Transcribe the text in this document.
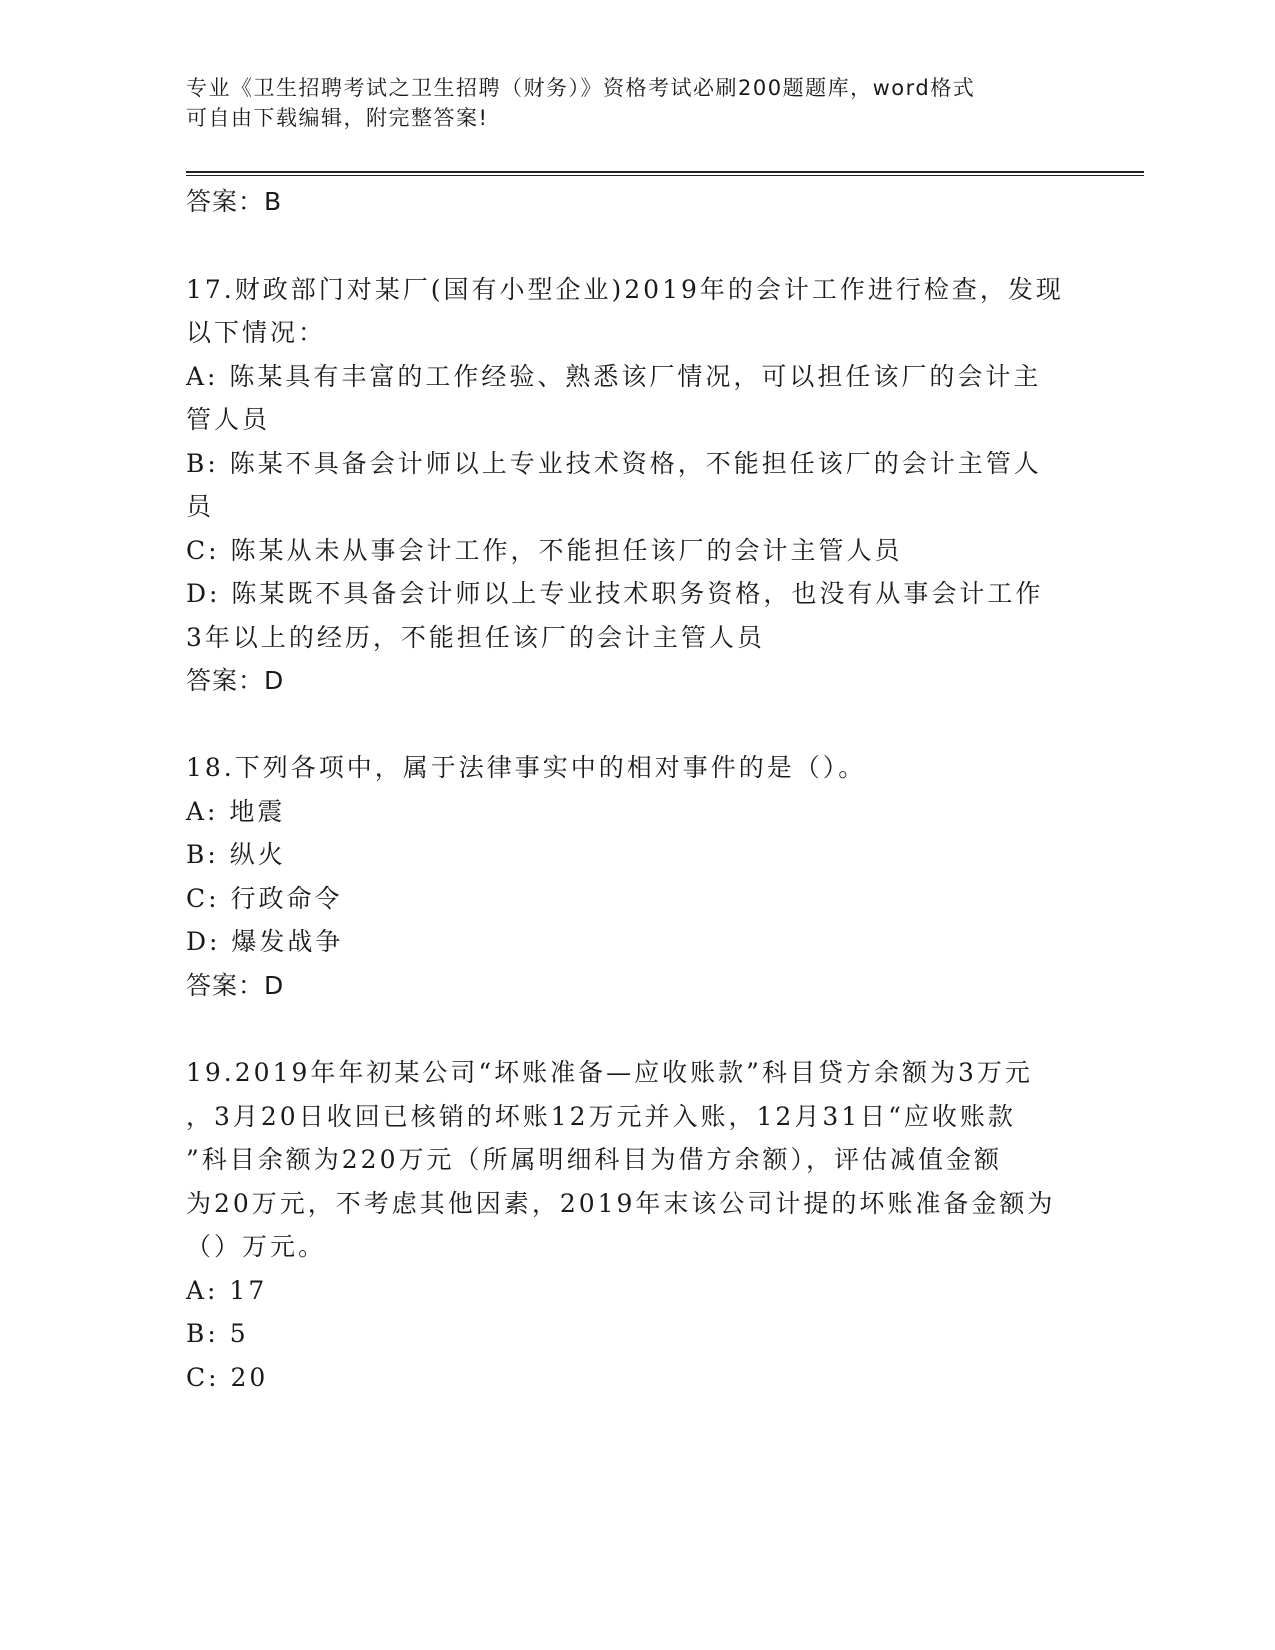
专业《卫生招聘考试之卫生招聘（财务）》资格考试必刷200题题库，word格式
可自由下载编辑，附完整答案!
答案：B
17.财政部门对某厂(国有小型企业)2019年的会计工作进行检查，发现
以下情况：
A: 陈某具有丰富的工作经验、熟悉该厂情况，可以担任该厂的会计主
管人员
B: 陈某不具备会计师以上专业技术资格，不能担任该厂的会计主管人
员
C: 陈某从未从事会计工作，不能担任该厂的会计主管人员
D: 陈某既不具备会计师以上专业技术职务资格，也没有从事会计工作
3年以上的经历，不能担任该厂的会计主管人员
答案：D
18.下列各项中，属于法律事实中的相对事件的是（）。
A: 地震
B: 纵火
C: 行政命令
D: 爆发战争
答案：D
19.2019年年初某公司“坏账准备—应收账款”科目贷方余额为3万元
，3月20日收回已核销的坏账12万元并入账，12月31日“应收账款
”科目余额为220万元（所属明细科目为借方余额），评估减值金额
为20万元，不考虑其他因素，2019年末该公司计提的坏账准备金额为
（）万元。
A: 17
B: 5
C: 20
